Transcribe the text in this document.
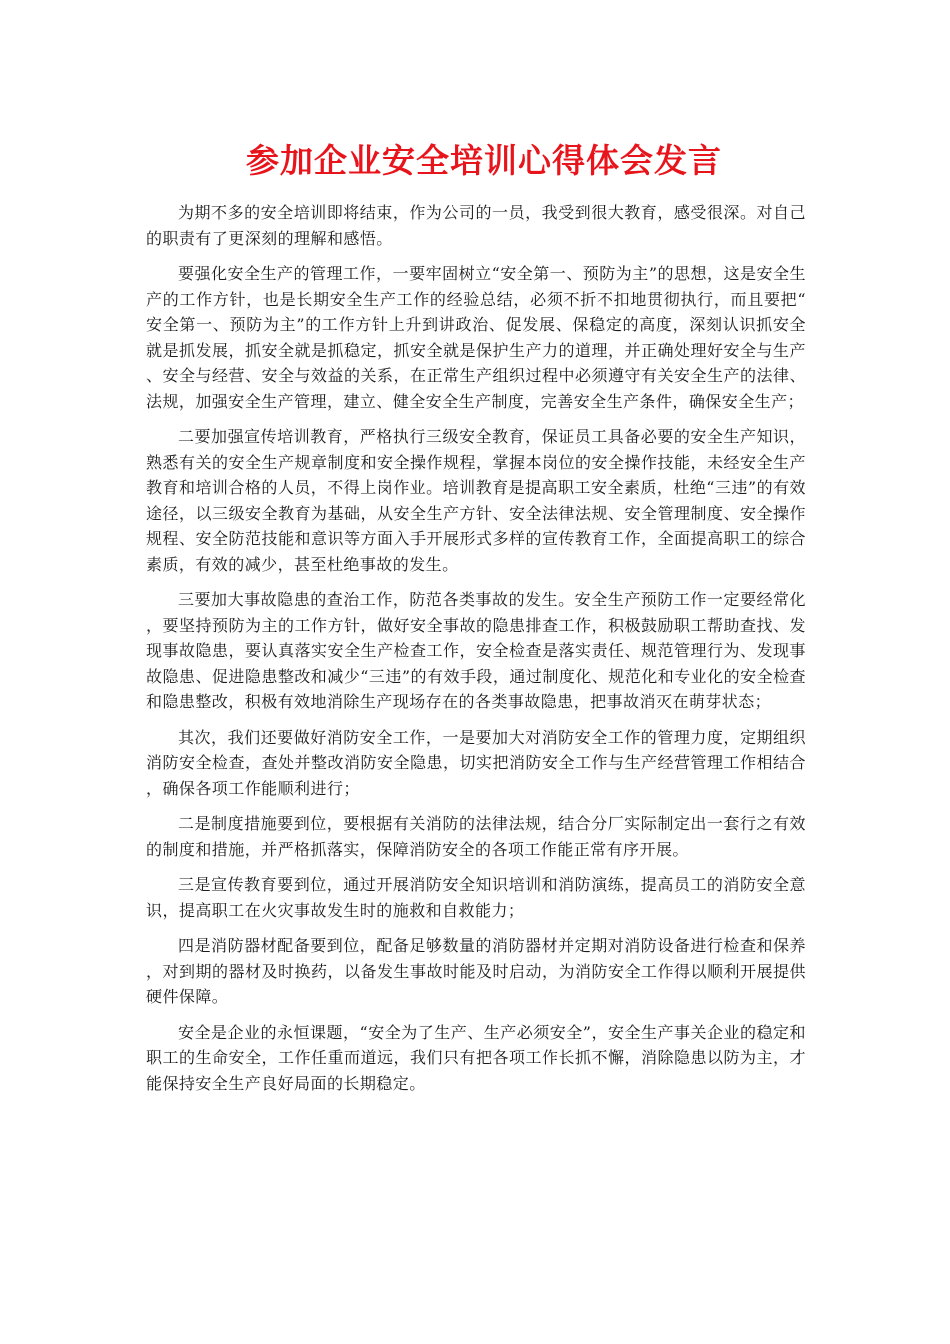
参加企业安全培训心得体会发言

为期不多的安全培训即将结束，作为公司的一员，我受到很大教育，感受很深。对自己的职责有了更深刻的理解和感悟。

要强化安全生产的管理工作，一要牢固树立“安全第一、预防为主”的思想，这是安全生产的工作方针，也是长期安全生产工作的经验总结，必须不折不扣地贯彻执行，而且要把“安全第一、预防为主”的工作方针上升到讲政治、促发展、保稳定的高度，深刻认识抓安全就是抓发展，抓安全就是抓稳定，抓安全就是保护生产力的道理，并正确处理好安全与生产、安全与经营、安全与效益的关系，在正常生产组织过程中必须遵守有关安全生产的法律、法规，加强安全生产管理，建立、健全安全生产制度，完善安全生产条件，确保安全生产；

二要加强宣传培训教育，严格执行三级安全教育，保证员工具备必要的安全生产知识，熟悉有关的安全生产规章制度和安全操作规程，掌握本岗位的安全操作技能，未经安全生产教育和培训合格的人员，不得上岗作业。培训教育是提高职工安全素质，杜绝“三违”的有效途径，以三级安全教育为基础，从安全生产方针、安全法律法规、安全管理制度、安全操作规程、安全防范技能和意识等方面入手开展形式多样的宣传教育工作，全面提高职工的综合素质，有效的减少，甚至杜绝事故的发生。

三要加大事故隐患的查治工作，防范各类事故的发生。安全生产预防工作一定要经常化，要坚持预防为主的工作方针，做好安全事故的隐患排查工作，积极鼓励职工帮助查找、发现事故隐患，要认真落实安全生产检查工作，安全检查是落实责任、规范管理行为、发现事故隐患、促进隐患整改和减少“三违”的有效手段，通过制度化、规范化和专业化的安全检查和隐患整改，积极有效地消除生产现场存在的各类事故隐患，把事故消灭在萌芽状态；

其次，我们还要做好消防安全工作，一是要加大对消防安全工作的管理力度，定期组织消防安全检查，查处并整改消防安全隐患，切实把消防安全工作与生产经营管理工作相结合，确保各项工作能顺利进行；

二是制度措施要到位，要根据有关消防的法律法规，结合分厂实际制定出一套行之有效的制度和措施，并严格抓落实，保障消防安全的各项工作能正常有序开展。

三是宣传教育要到位，通过开展消防安全知识培训和消防演练，提高员工的消防安全意识，提高职工在火灾事故发生时的施救和自救能力；

四是消防器材配备要到位，配备足够数量的消防器材并定期对消防设备进行检查和保养，对到期的器材及时换药，以备发生事故时能及时启动，为消防安全工作得以顺利开展提供硬件保障。

安全是企业的永恒课题，“安全为了生产、生产必须安全”，安全生产事关企业的稳定和职工的生命安全，工作任重而道远，我们只有把各项工作长抓不懈，消除隐患以防为主，才能保持安全生产良好局面的长期稳定。
